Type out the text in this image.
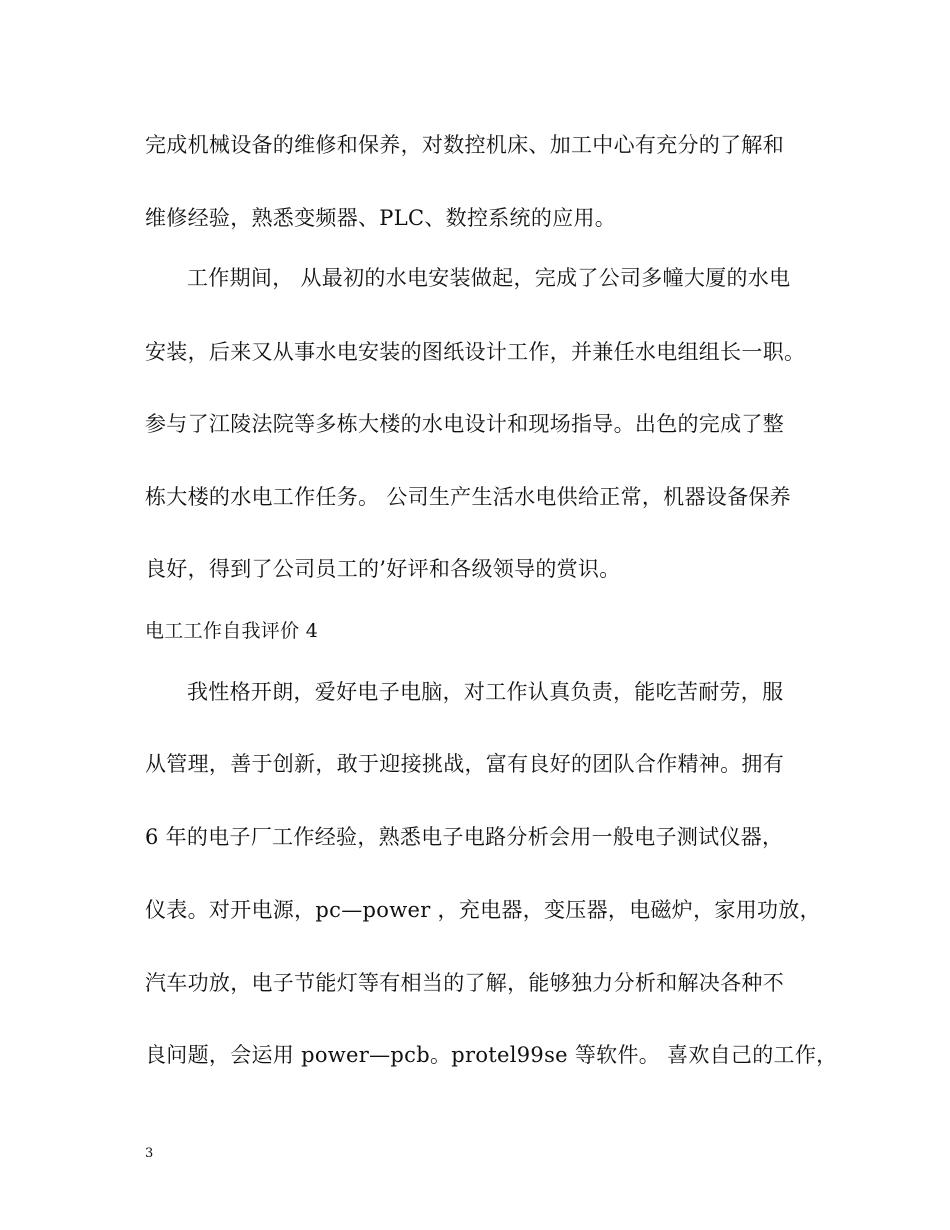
完成机械设备的维修和保养，对数控机床、加工中心有充分的了解和
维修经验，熟悉变频器、PLC、数控系统的应用。
工作期间， 从最初的水电安装做起，完成了公司多幢大厦的水电
安装，后来又从事水电安装的图纸设计工作，并兼任水电组组长一职。
参与了江陵法院等多栋大楼的水电设计和现场指导。出色的完成了整
栋大楼的水电工作任务。 公司生产生活水电供给正常，机器设备保养
良好，得到了公司员工的’好评和各级领导的赏识。
电工工作自我评价 4
我性格开朗，爱好电子电脑，对工作认真负责，能吃苦耐劳，服
从管理，善于创新，敢于迎接挑战，富有良好的团队合作精神。拥有
6 年的电子厂工作经验，熟悉电子电路分析会用一般电子测试仪器，
仪表。对开电源，pc—power ，充电器，变压器，电磁炉，家用功放，
汽车功放，电子节能灯等有相当的了解，能够独力分析和解决各种不
良问题，会运用 power—pcb。protel99se 等软件。 喜欢自己的工作，
3
